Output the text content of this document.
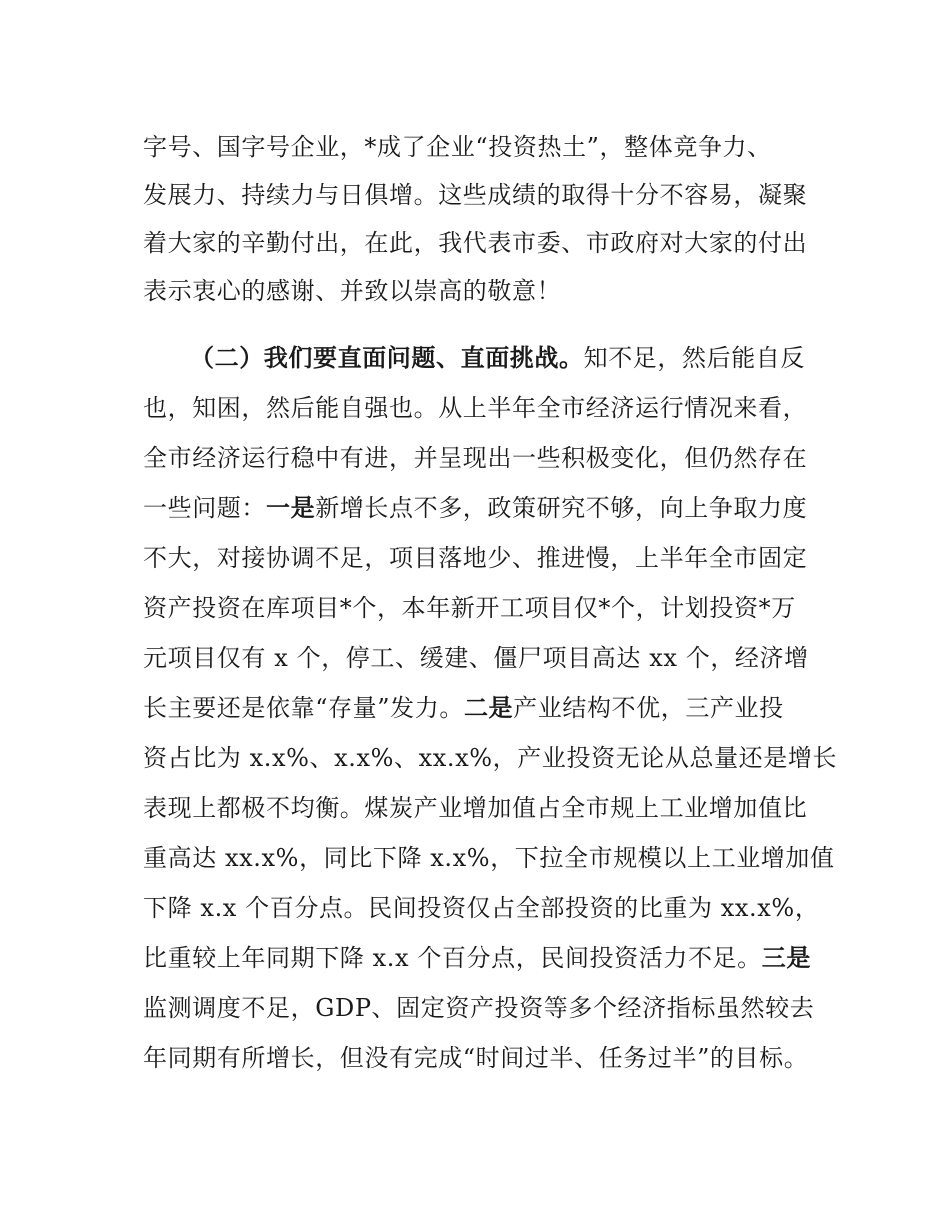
字号、国字号企业，*成了企业“投资热土”，整体竞争力、
发展力、持续力与日俱增。这些成绩的取得十分不容易，凝聚
着大家的辛勤付出，在此，我代表市委、市政府对大家的付出
表示衷心的感谢、并致以崇高的敬意！
（二）我们要直面问题、直面挑战。知不足，然后能自反
也，知困，然后能自强也。从上半年全市经济运行情况来看，
全市经济运行稳中有进，并呈现出一些积极变化，但仍然存在
一些问题：一是新增长点不多，政策研究不够，向上争取力度
不大，对接协调不足，项目落地少、推进慢，上半年全市固定
资产投资在库项目*个，本年新开工项目仅*个，计划投资*万
元项目仅有 x 个，停工、缓建、僵尸项目高达 xx 个，经济增
长主要还是依靠“存量”发力。二是产业结构不优，三产业投
资占比为 x.x%、x.x%、xx.x%，产业投资无论从总量还是增长
表现上都极不均衡。煤炭产业增加值占全市规上工业增加值比
重高达 xx.x%，同比下降 x.x%，下拉全市规模以上工业增加值
下降 x.x 个百分点。民间投资仅占全部投资的比重为 xx.x%，
比重较上年同期下降 x.x 个百分点，民间投资活力不足。三是
监测调度不足，GDP、固定资产投资等多个经济指标虽然较去
年同期有所增长，但没有完成“时间过半、任务过半”的目标。
